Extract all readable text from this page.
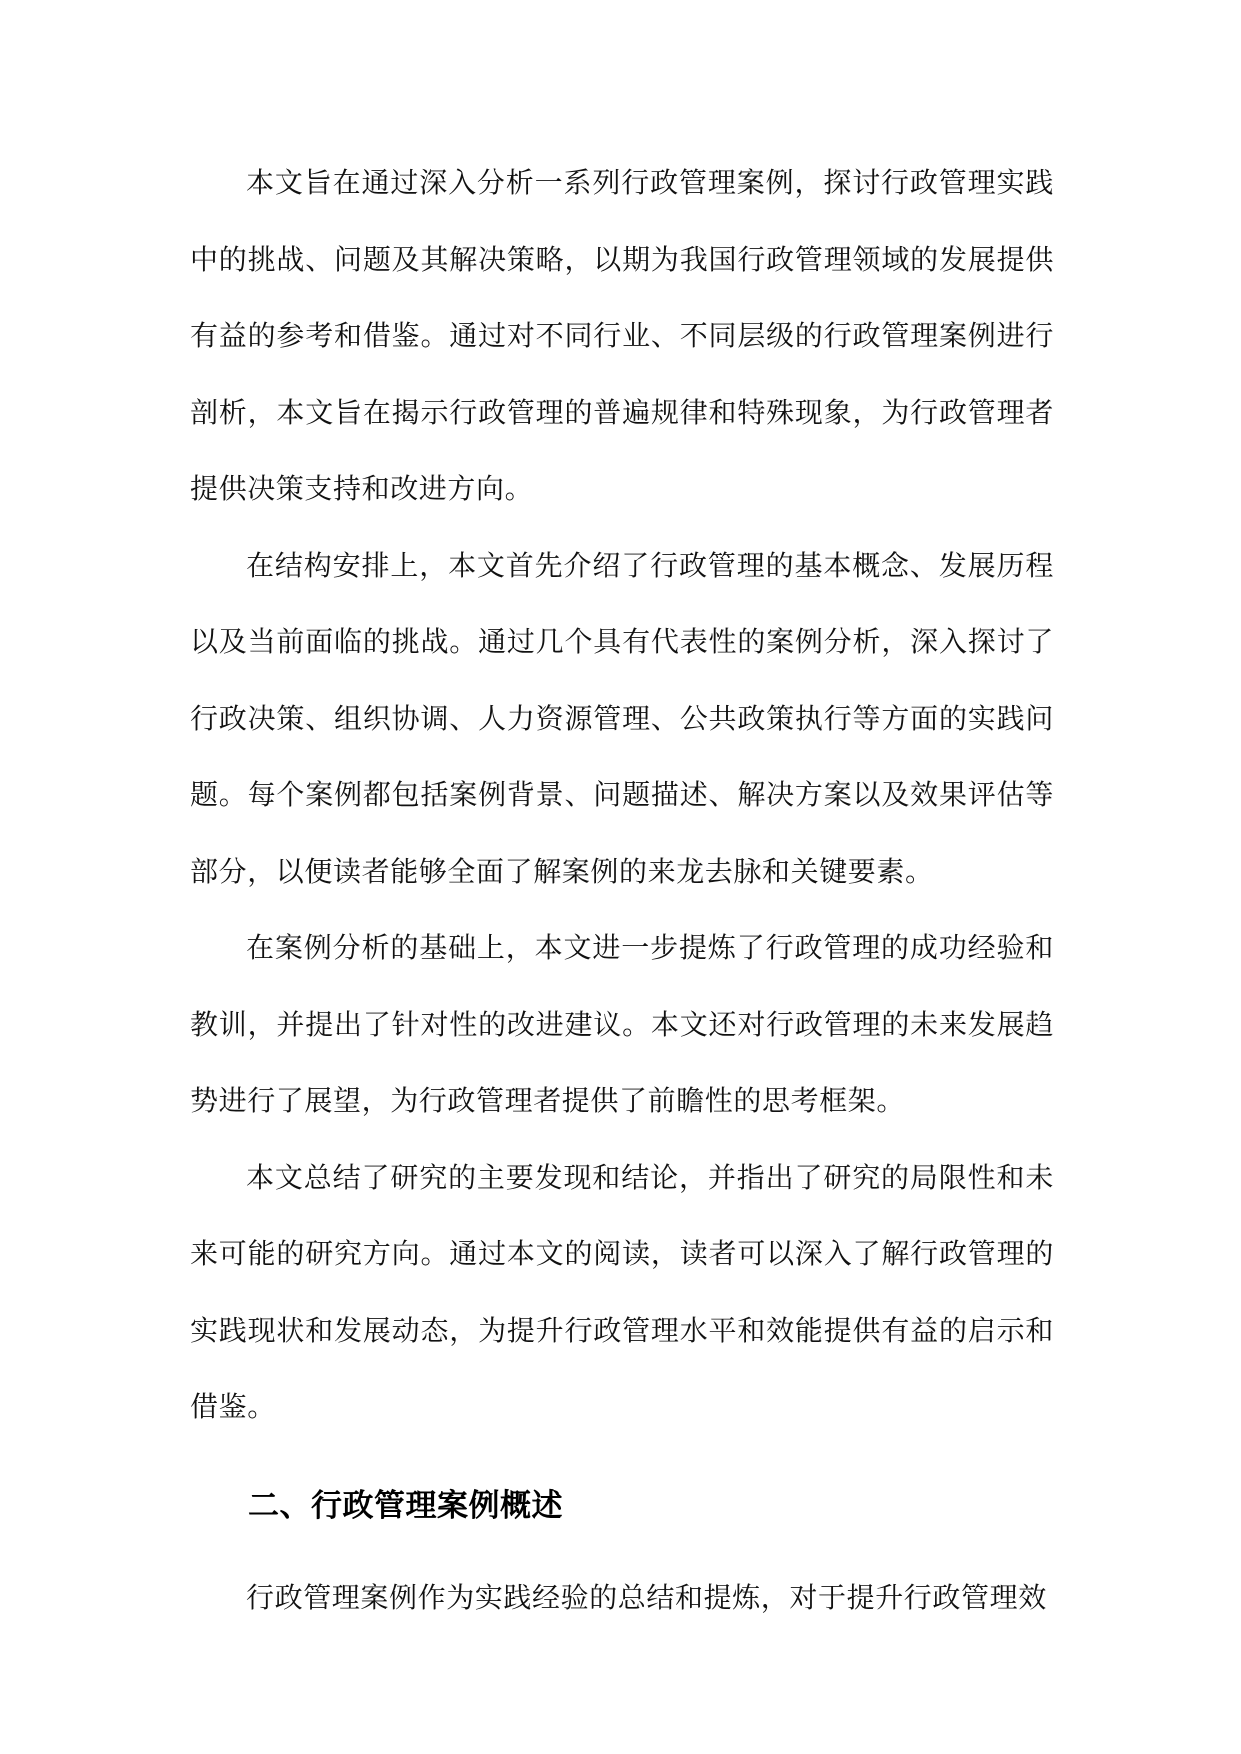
本文旨在通过深入分析一系列行政管理案例，探讨行政管理实践中的挑战、问题及其解决策略，以期为我国行政管理领域的发展提供有益的参考和借鉴。通过对不同行业、不同层级的行政管理案例进行剖析，本文旨在揭示行政管理的普遍规律和特殊现象，为行政管理者提供决策支持和改进方向。

在结构安排上，本文首先介绍了行政管理的基本概念、发展历程以及当前面临的挑战。通过几个具有代表性的案例分析，深入探讨了行政决策、组织协调、人力资源管理、公共政策执行等方面的实践问题。每个案例都包括案例背景、问题描述、解决方案以及效果评估等部分，以便读者能够全面了解案例的来龙去脉和关键要素。

在案例分析的基础上，本文进一步提炼了行政管理的成功经验和教训，并提出了针对性的改进建议。本文还对行政管理的未来发展趋势进行了展望，为行政管理者提供了前瞻性的思考框架。

本文总结了研究的主要发现和结论，并指出了研究的局限性和未来可能的研究方向。通过本文的阅读，读者可以深入了解行政管理的实践现状和发展动态，为提升行政管理水平和效能提供有益的启示和借鉴。

二、行政管理案例概述

行政管理案例作为实践经验的总结和提炼，对于提升行政管理效
